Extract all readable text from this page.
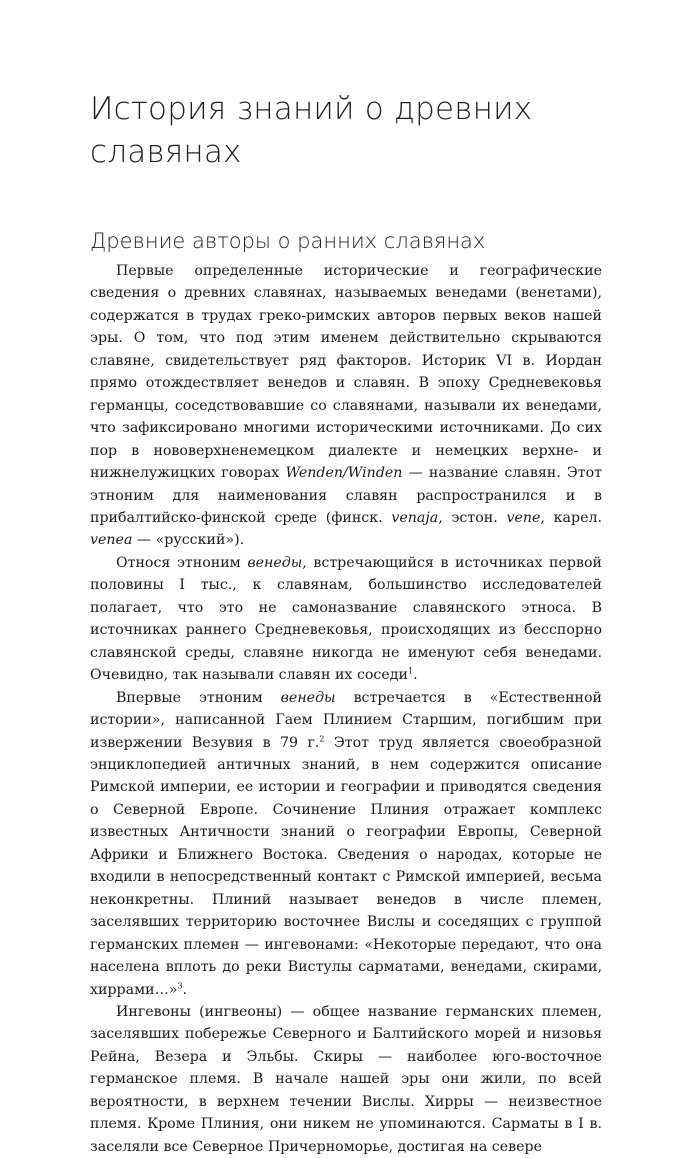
История знаний о древних славянах
Древние авторы о ранних славянах

Первые определенные исторические и географические сведения о древних славянах, называемых венедами (венетами), содержатся в трудах греко-римских авторов первых веков нашей эры. О том, что под этим именем действительно скрываются славяне, свидетельствует ряд факторов. Историк VI в. Иордан прямо отождествляет венедов и славян. В эпоху Средневековья германцы, соседствовавшие со славянами, называли их венедами, что зафиксировано многими историческими источниками. До сих пор в нововерхненемецком диалекте и немецких верхне- и нижнелужицких говорах Wenden/Winden — название славян. Этот этноним для наименования славян распространился и в прибалтийско-финской среде (финск. venaja, эстон. vene, карел. venea — «русский»).

Относя этноним венеды, встречающийся в источниках первой половины I тыс., к славянам, большинство исследователей полагает, что это не самоназвание славянского этноса. В источниках раннего Средневековья, происходящих из бесспорно славянской среды, славяне никогда не именуют себя венедами. Очевидно, так называли славян их соседи$^1$.

Впервые этноним венеды встречается в «Естественной истории», написанной Гаем Плинием Старшим, погибшим при извержении Везувия в 79 г.$^2$ Этот труд является своеобразной энциклопедией античных знаний, в нем содержится описание Римской империи, ее истории и географии и приводятся сведения о Северной Европе. Сочинение Плиния отражает комплекс известных Античности знаний о географии Европы, Северной Африки и Ближнего Востока. Сведения о народах, которые не входили в непосредственный контакт с Римской империей, весьма неконкретны. Плиний называет венедов в числе племен, заселявших территорию восточнее Вислы и соседящих с группой германских племен — ингевонами: «Некоторые передают, что она населена вплоть до реки Вистулы сарматами, венедами, скирами, хиррами…»$^3$.

Ингевоны (ингвеоны) — общее название германских племен, заселявших побережье Северного и Балтийского морей и низовья Рейна, Везера и Эльбы. Скиры — наиболее юго-восточное германское племя. В начале нашей эры они жили, по всей вероятности, в верхнем течении Вислы. Хирры — неизвестное племя. Кроме Плиния, они никем не упоминаются. Сарматы в I в. заселяли все Северное Причерноморье, достигая на севере
